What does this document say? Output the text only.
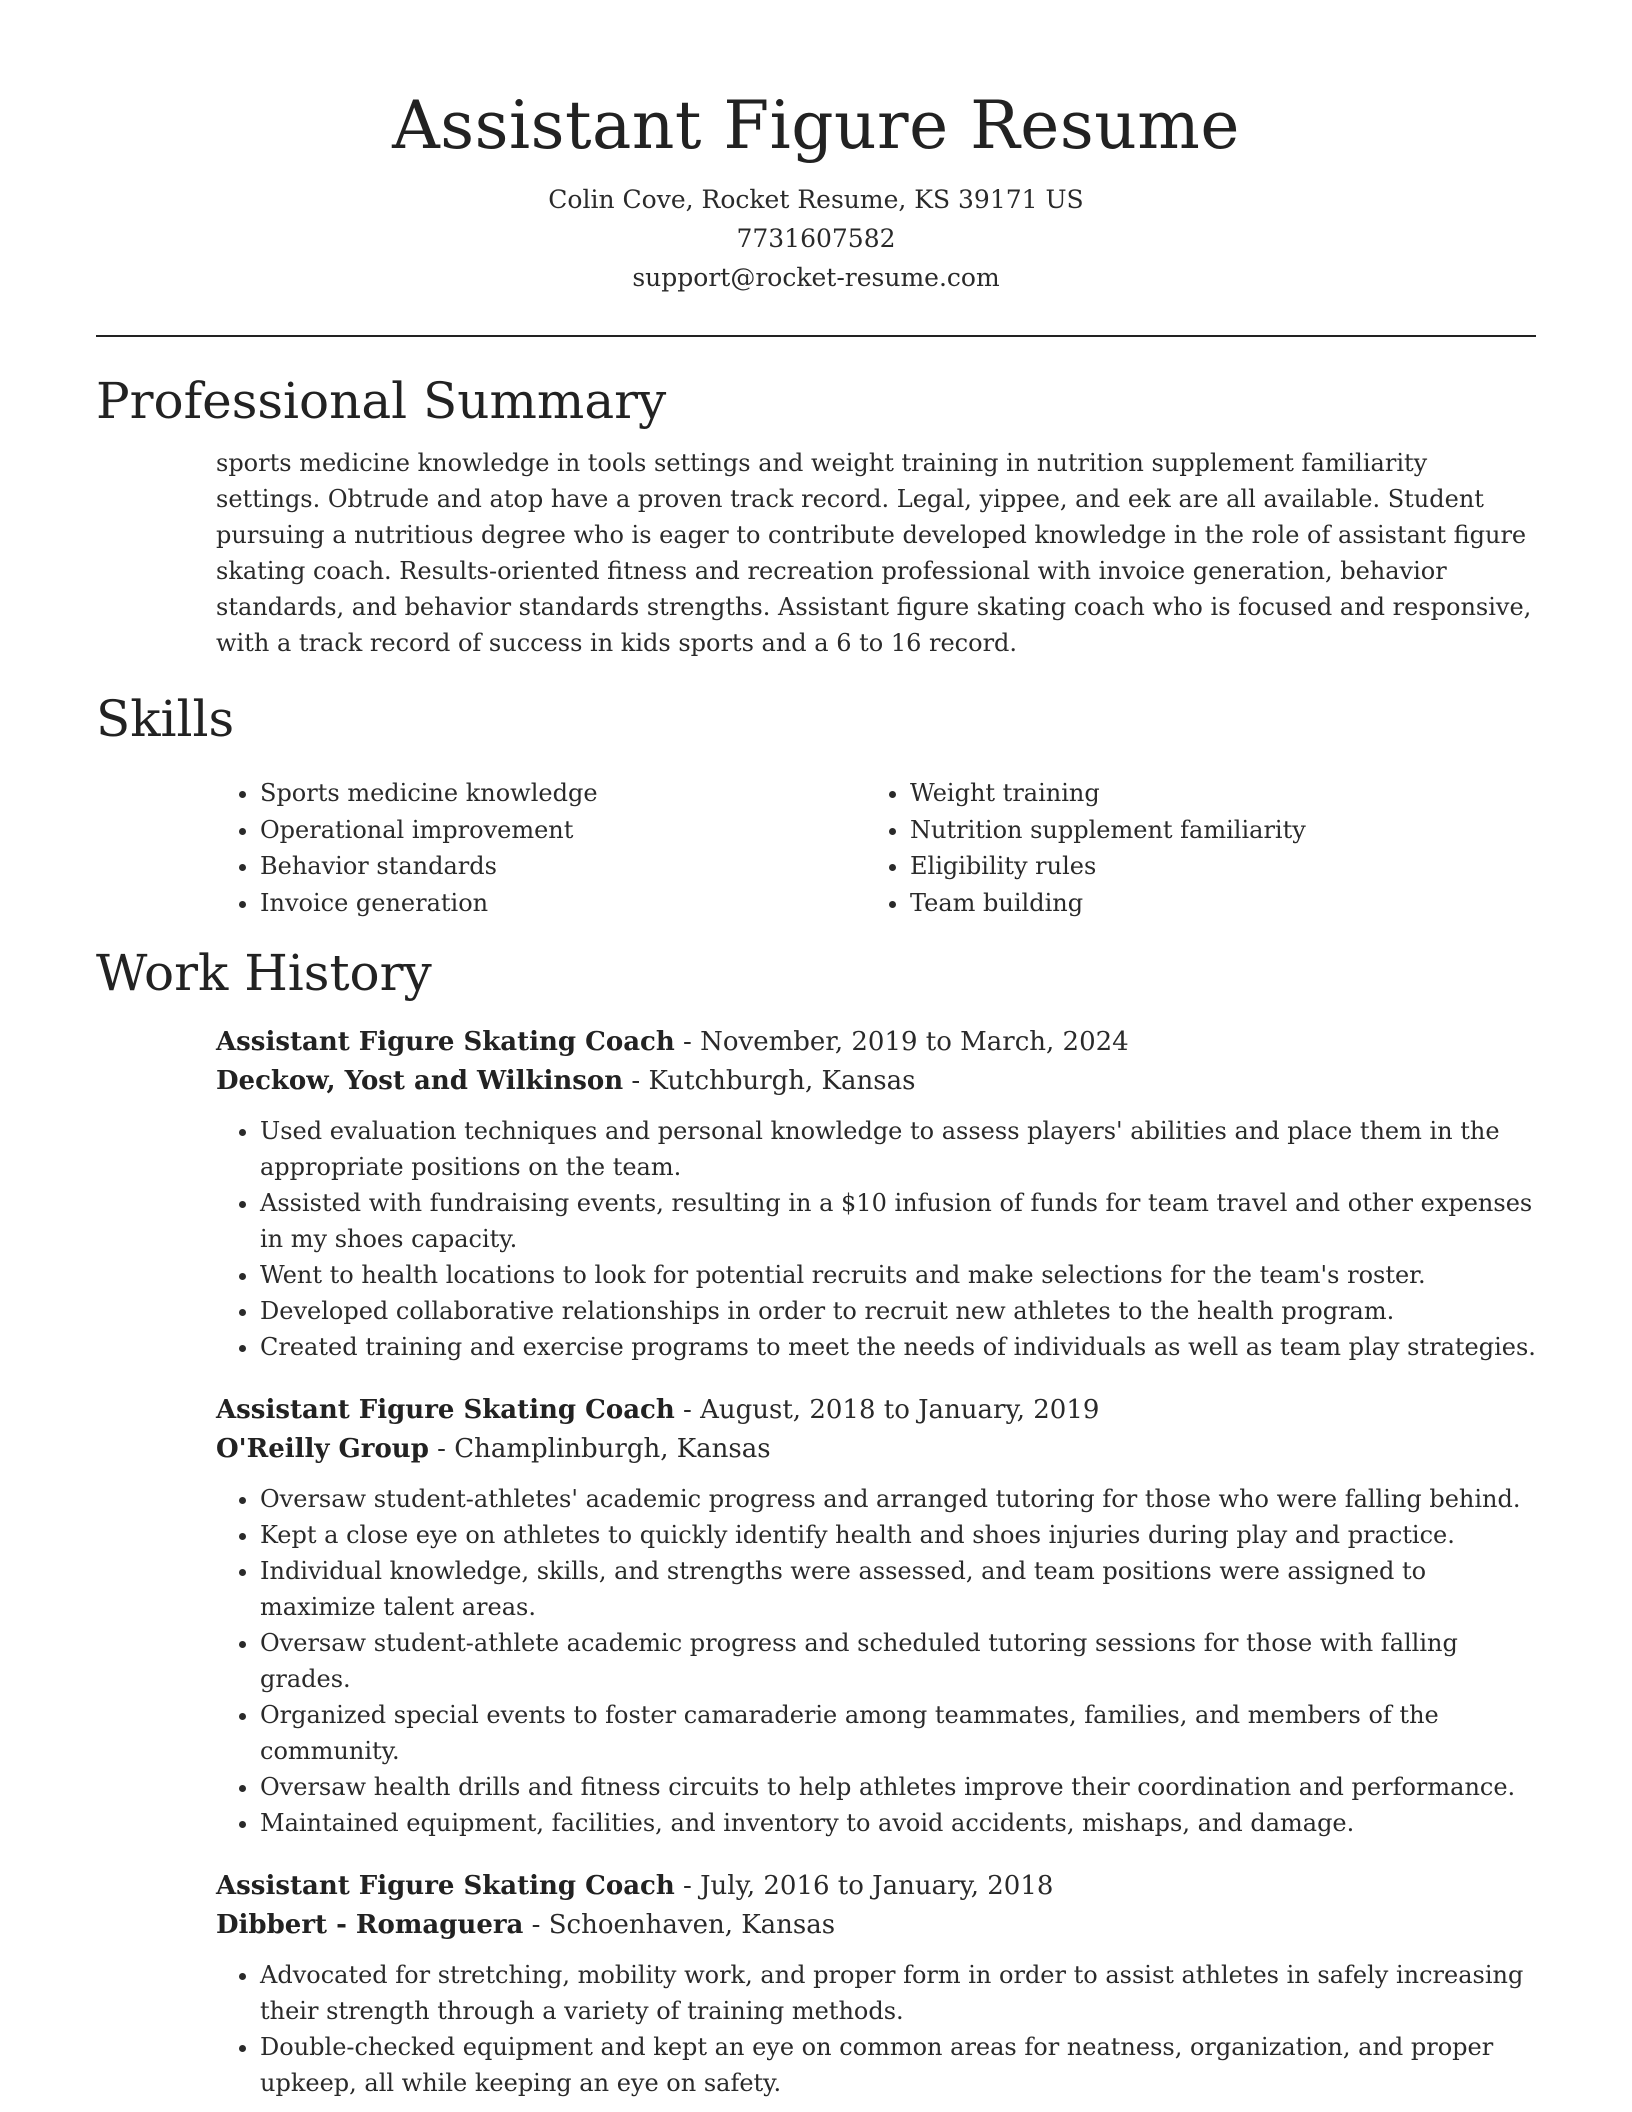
Assistant Figure Resume
Colin Cove, Rocket Resume, KS 39171 US
7731607582
support@rocket-resume.com
Professional Summary

sports medicine knowledge in tools settings and weight training in nutrition supplement familiarity settings. Obtrude and atop have a proven track record. Legal, yippee, and eek are all available. Student pursuing a nutritious degree who is eager to contribute developed knowledge in the role of assistant figure skating coach. Results-oriented fitness and recreation professional with invoice generation, behavior standards, and behavior standards strengths. Assistant figure skating coach who is focused and responsive, with a track record of success in kids sports and a 6 to 16 record.

Skills
• Sports medicine knowledge
• Operational improvement
• Behavior standards
• Invoice generation
• Weight training
• Nutrition supplement familiarity
• Eligibility rules
• Team building
Work History
Assistant Figure Skating Coach - November, 2019 to March, 2024
Deckow, Yost and Wilkinson - Kutchburgh, Kansas
• Used evaluation techniques and personal knowledge to assess players' abilities and place them in the appropriate positions on the team.
• Assisted with fundraising events, resulting in a $10 infusion of funds for team travel and other expenses in my shoes capacity.
• Went to health locations to look for potential recruits and make selections for the team's roster.
• Developed collaborative relationships in order to recruit new athletes to the health program.
• Created training and exercise programs to meet the needs of individuals as well as team play strategies.
Assistant Figure Skating Coach - August, 2018 to January, 2019
O'Reilly Group - Champlinburgh, Kansas
• Oversaw student-athletes' academic progress and arranged tutoring for those who were falling behind.
• Kept a close eye on athletes to quickly identify health and shoes injuries during play and practice.
• Individual knowledge, skills, and strengths were assessed, and team positions were assigned to maximize talent areas.
• Oversaw student-athlete academic progress and scheduled tutoring sessions for those with falling grades.
• Organized special events to foster camaraderie among teammates, families, and members of the community.
• Oversaw health drills and fitness circuits to help athletes improve their coordination and performance.
• Maintained equipment, facilities, and inventory to avoid accidents, mishaps, and damage.
Assistant Figure Skating Coach - July, 2016 to January, 2018
Dibbert - Romaguera - Schoenhaven, Kansas
• Advocated for stretching, mobility work, and proper form in order to assist athletes in safely increasing their strength through a variety of training methods.
• Double-checked equipment and kept an eye on common areas for neatness, organization, and proper upkeep, all while keeping an eye on safety.
